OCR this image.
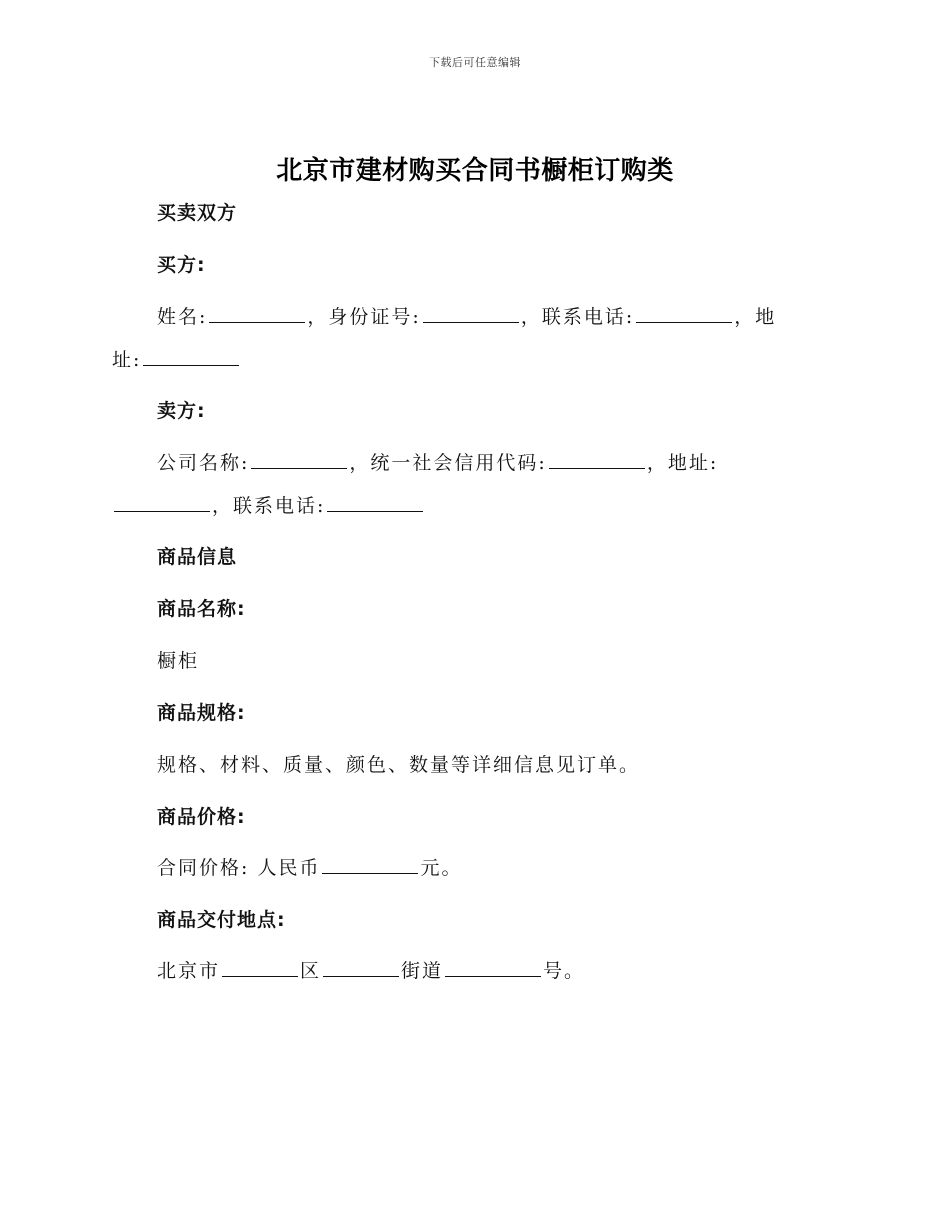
下载后可任意编辑
北京市建材购买合同书橱柜订购类
买卖双方
买方:
姓名:	，身份证号:	，联系电话:	，地
址:
卖方:
公司名称:	，统一社会信用代码:	，地址:
，联系电话:
商品信息
商品名称:
橱柜
商品规格:
规格、材料、质量、颜色、数量等详细信息见订单。
商品价格:
合同价格: 人民币	元。
商品交付地点:
北京市	区	街道	号。
